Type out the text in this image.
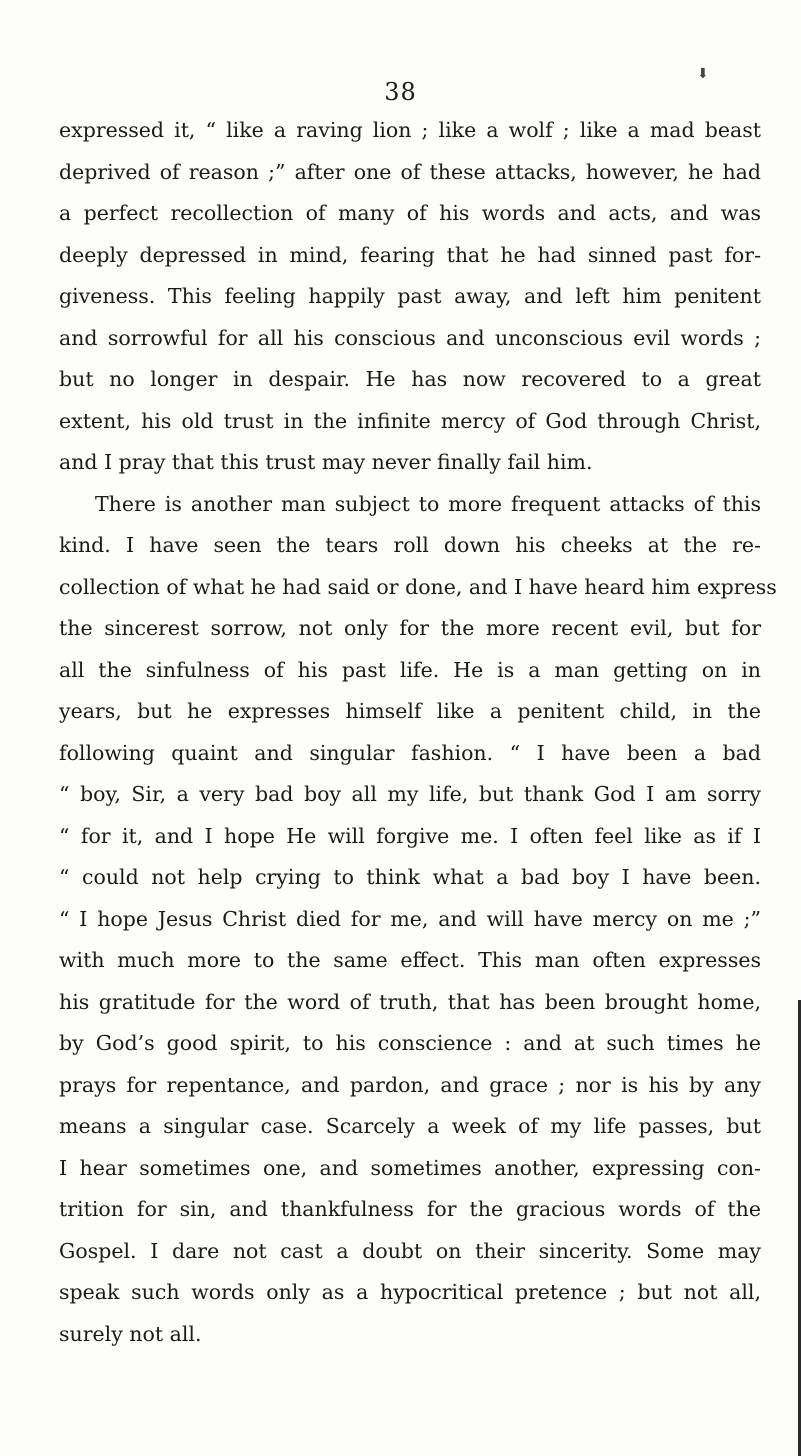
⬇
38
expressed it, “ like a raving lion ; like a wolf ; like a mad beast
deprived of reason ;” after one of these attacks, however, he had
a perfect recollection of many of his words and acts, and was
deeply depressed in mind, fearing that he had sinned past for-
giveness. This feeling happily past away, and left him penitent
and sorrowful for all his conscious and unconscious evil words ;
but no longer in despair. He has now recovered to a great
extent, his old trust in the infinite mercy of God through Christ,
and I pray that this trust may never finally fail him.
There is another man subject to more frequent attacks of this
kind. I have seen the tears roll down his cheeks at the re-
collection of what he had said or done, and I have heard him express
the sincerest sorrow, not only for the more recent evil, but for
all the sinfulness of his past life. He is a man getting on in
years, but he expresses himself like a penitent child, in the
following quaint and singular fashion. “ I have been a bad
“ boy, Sir, a very bad boy all my life, but thank God I am sorry
“ for it, and I hope He will forgive me. I often feel like as if I
“ could not help crying to think what a bad boy I have been.
“ I hope Jesus Christ died for me, and will have mercy on me ;”
with much more to the same effect. This man often expresses
his gratitude for the word of truth, that has been brought home,
by God’s good spirit, to his conscience : and at such times he
prays for repentance, and pardon, and grace ; nor is his by any
means a singular case. Scarcely a week of my life passes, but
I hear sometimes one, and sometimes another, expressing con-
trition for sin, and thankfulness for the gracious words of the
Gospel. I dare not cast a doubt on their sincerity. Some may
speak such words only as a hypocritical pretence ; but not all,
surely not all.
